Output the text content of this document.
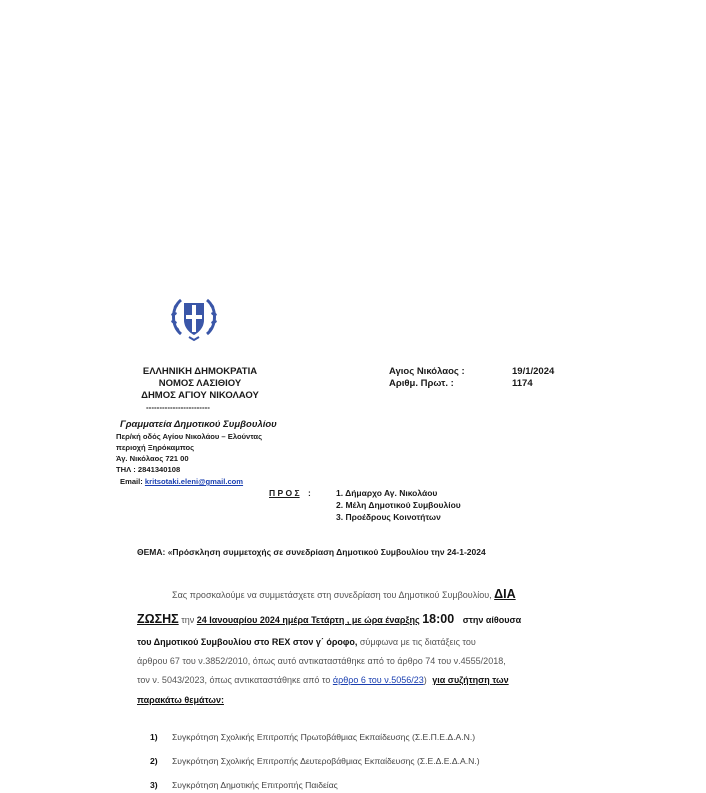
ΕΛΛΗΝΙΚΗ ΔΗΜΟΚΡΑΤΙΑ
ΝΟΜΟΣ ΛΑΣΙΘΙΟΥ
ΔΗΜΟΣ ΑΓΙΟΥ ΝΙΚΟΛΑΟΥ
------------------------
Γραμματεία Δημοτικού Συμβουλίου
Περ/κή οδός Αγίου Νικολάου – Ελούντας
περιοχή Ξηρόκαμπος
Άγ. Νικόλαος 721 00
ΤΗΛ : 2841340108
Email: kritsotaki.eleni@gmail.com
Αγιος Νικόλαος :	19/1/2024
Αριθμ. Πρωτ. :	1174
Π Ρ Ο Σ :	1. Δήμαρχο Αγ. Νικολάου
2. Μέλη Δημοτικού Συμβουλίου
3. Προέδρους Κοινοτήτων
ΘΕΜΑ: «Πρόσκληση συμμετοχής σε συνεδρίαση Δημοτικού Συμβουλίου την 24-1-2024
Σας προσκαλούμε να συμμετάσχετε στη συνεδρίαση του Δημοτικού Συμβουλίου, ΔΙΑ
ΖΩΣΗΣ την 24 Ιανουαρίου 2024 ημέρα Τετάρτη , με ώρα έναρξης 18:00 στην αίθουσα
του Δημοτικού Συμβουλίου στο REX στον γ΄ όροφο, σύμφωνα με τις διατάξεις του
άρθρου 67 του ν.3852/2010, όπως αυτό αντικαταστάθηκε από το άρθρο 74 του ν.4555/2018,
τον ν. 5043/2023, όπως αντικαταστάθηκε από το άρθρο 6 του ν.5056/23) για συζήτηση των
παρακάτω θεμάτων:
1) Συγκρότηση Σχολικής Επιτροπής Πρωτοβάθμιας Εκπαίδευσης (Σ.Ε.Π.Ε.Δ.Α.Ν.)
2) Συγκρότηση Σχολικής Επιτροπής Δευτεροβάθμιας Εκπαίδευσης (Σ.Ε.Δ.Ε.Δ.Α.Ν.)
3) Συγκρότηση Δημοτικής Επιτροπής Παιδείας
